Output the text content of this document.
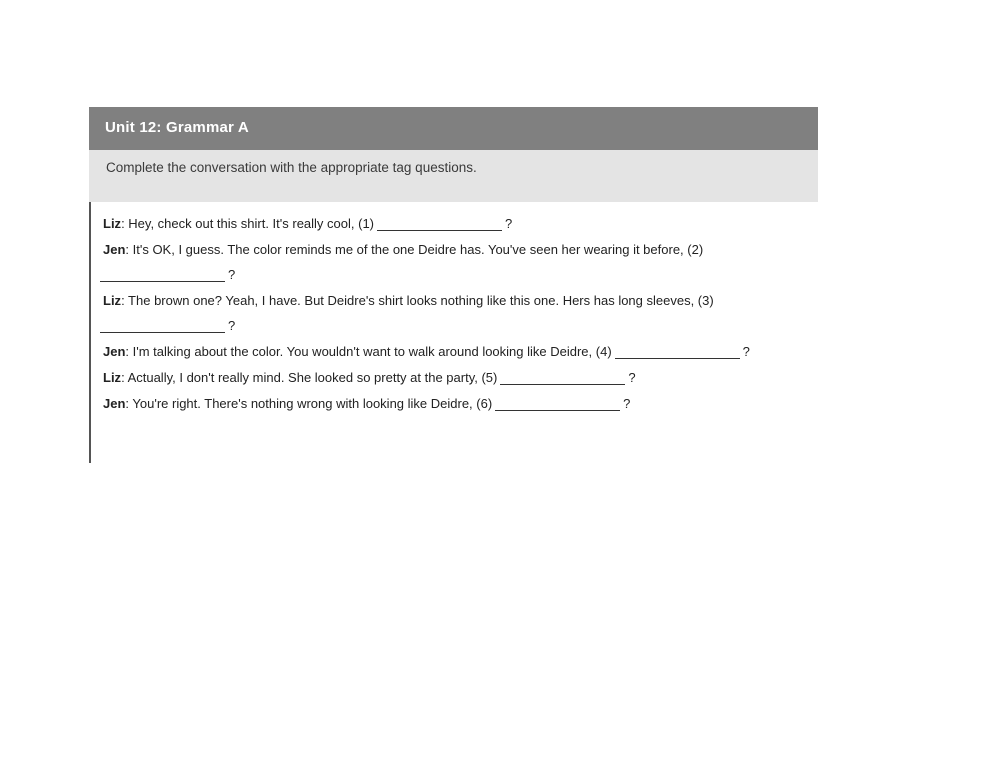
Unit 12: Grammar A
Complete the conversation with the appropriate tag questions.
Liz: Hey, check out this shirt. It's really cool, (1)	?
Jen: It's OK, I guess. The color reminds me of the one Deidre has. You've seen her wearing it before, (2)
?
Liz: The brown one? Yeah, I have. But Deidre's shirt looks nothing like this one. Hers has long sleeves, (3)
?
Jen: I'm talking about the color. You wouldn't want to walk around looking like Deidre, (4)	?
Liz: Actually, I don't really mind. She looked so pretty at the party, (5)	?
Jen: You're right. There's nothing wrong with looking like Deidre, (6)	?
